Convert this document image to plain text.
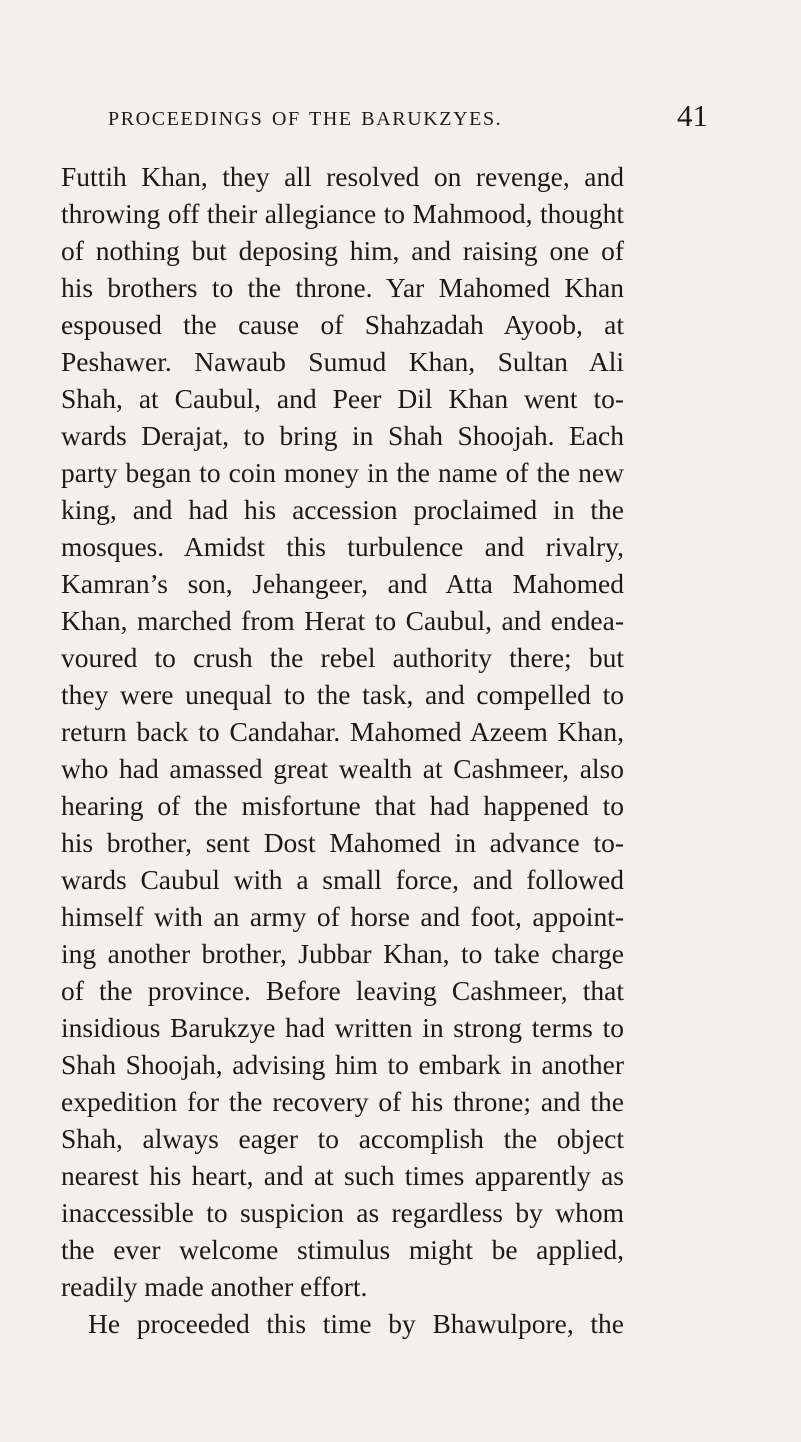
PROCEEDINGS OF THE BARUKZYES.	41
Futtih Khan, they all resolved on revenge, and
throwing off their allegiance to Mahmood, thought
of nothing but deposing him, and raising one of
his brothers to the throne. Yar Mahomed Khan
espoused the cause of Shahzadah Ayoob, at
Peshawer. Nawaub Sumud Khan, Sultan Ali
Shah, at Caubul, and Peer Dil Khan went to-
wards Derajat, to bring in Shah Shoojah. Each
party began to coin money in the name of the new
king, and had his accession proclaimed in the
mosques. Amidst this turbulence and rivalry,
Kamran’s son, Jehangeer, and Atta Mahomed
Khan, marched from Herat to Caubul, and endea-
voured to crush the rebel authority there; but
they were unequal to the task, and compelled to
return back to Candahar. Mahomed Azeem Khan,
who had amassed great wealth at Cashmeer, also
hearing of the misfortune that had happened to
his brother, sent Dost Mahomed in advance to-
wards Caubul with a small force, and followed
himself with an army of horse and foot, appoint-
ing another brother, Jubbar Khan, to take charge
of the province. Before leaving Cashmeer, that
insidious Barukzye had written in strong terms to
Shah Shoojah, advising him to embark in another
expedition for the recovery of his throne; and the
Shah, always eager to accomplish the object
nearest his heart, and at such times apparently as
inaccessible to suspicion as regardless by whom
the ever welcome stimulus might be applied,
readily made another effort.
He proceeded this time by Bhawulpore, the
